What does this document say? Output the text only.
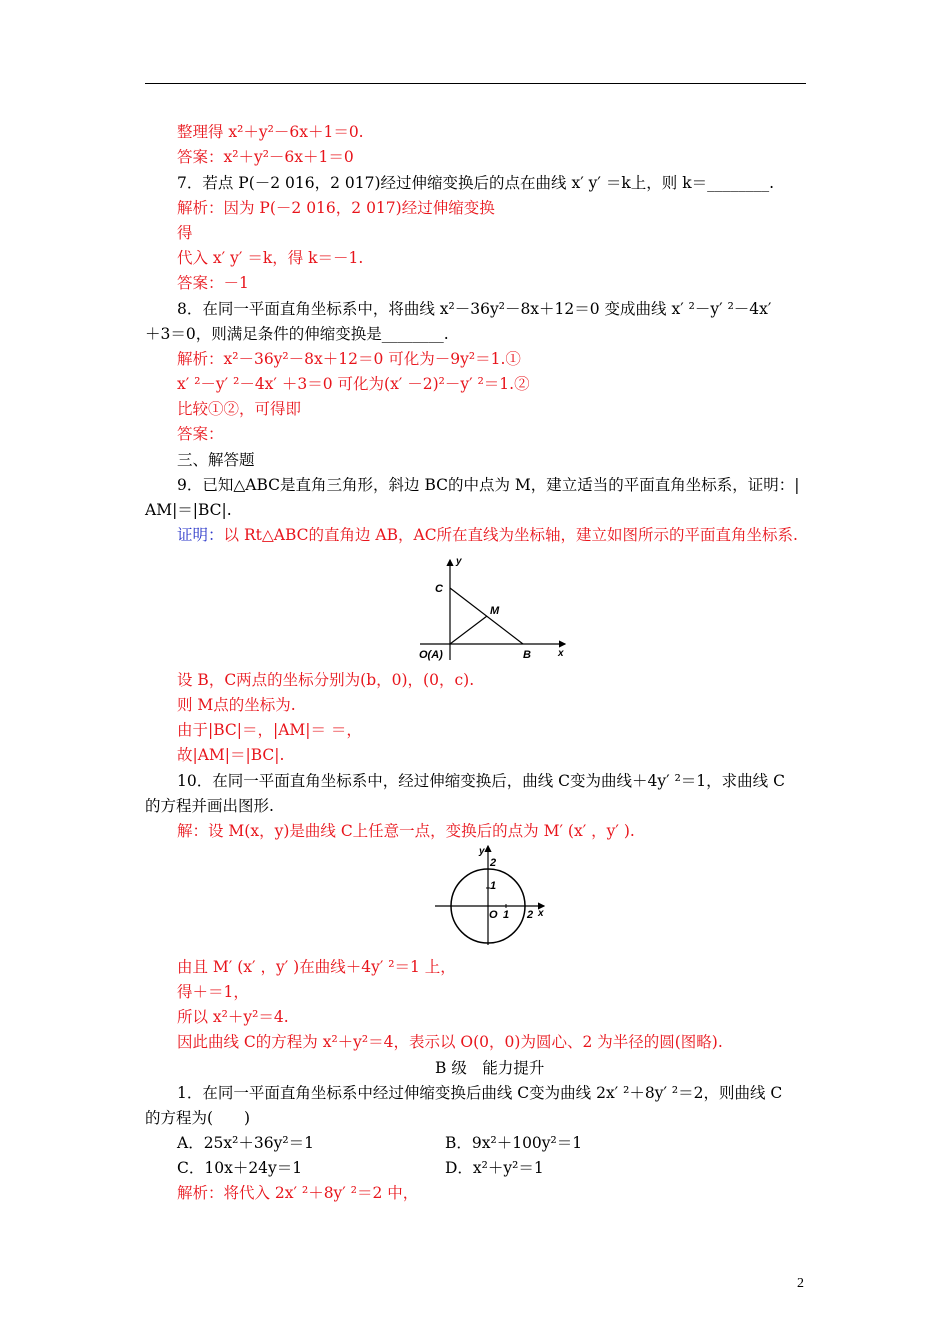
整理得 x²＋y²－6x＋1＝0.
答案：x²＋y²－6x＋1＝0
7．若点 P(－2 016，2 017)经过伸缩变换后的点在曲线 x′ y′ ＝k上，则 k＝________.
解析：因为 P(－2 016，2 017)经过伸缩变换
得
代入 x′ y′ ＝k，得 k＝－1.
答案：－1
8．在同一平面直角坐标系中，将曲线 x²－36y²－8x＋12＝0 变成曲线 x′ ²－y′ ²－4x′
＋3＝0，则满足条件的伸缩变换是________.
解析：x²－36y²－8x＋12＝0 可化为－9y²＝1.①
x′ ²－y′ ²－4x′ ＋3＝0 可化为(x′ －2)²－y′ ²＝1.②
比较①②，可得即
答案：
三、解答题
9．已知△ABC是直角三角形，斜边 BC的中点为 M，建立适当的平面直角坐标系，证明：|
AM|＝|BC|.
证明：以 Rt△ABC的直角边 AB，AC所在直线为坐标轴，建立如图所示的平面直角坐标系.
y
x
C
M
O(A)	B
设 B，C两点的坐标分别为(b，0)，(0，c).
则 M点的坐标为.
由于|BC|＝，|AM|＝ ＝，
故|AM|＝|BC|.
10．在同一平面直角坐标系中，经过伸缩变换后，曲线 C变为曲线＋4y′ ²＝1，求曲线 C
的方程并画出图形.
解：设 M(x，y)是曲线 C上任意一点，变换后的点为 M′ (x′ ，y′ ).
y
x
2
1
O 1 2
由且 M′ (x′ ，y′ )在曲线＋4y′ ²＝1 上，
得＋＝1，
所以 x²＋y²＝4.
因此曲线 C的方程为 x²＋y²＝4，表示以 O(0，0)为圆心、2 为半径的圆(图略).
B 级　能力提升
1．在同一平面直角坐标系中经过伸缩变换后曲线 C变为曲线 2x′ ²＋8y′ ²＝2，则曲线 C
的方程为(　　)
A．25x²＋36y²＝1	B．9x²＋100y²＝1
C．10x＋24y＝1	D．x²＋y²＝1
解析：将代入 2x′ ²＋8y′ ²＝2 中，
2
